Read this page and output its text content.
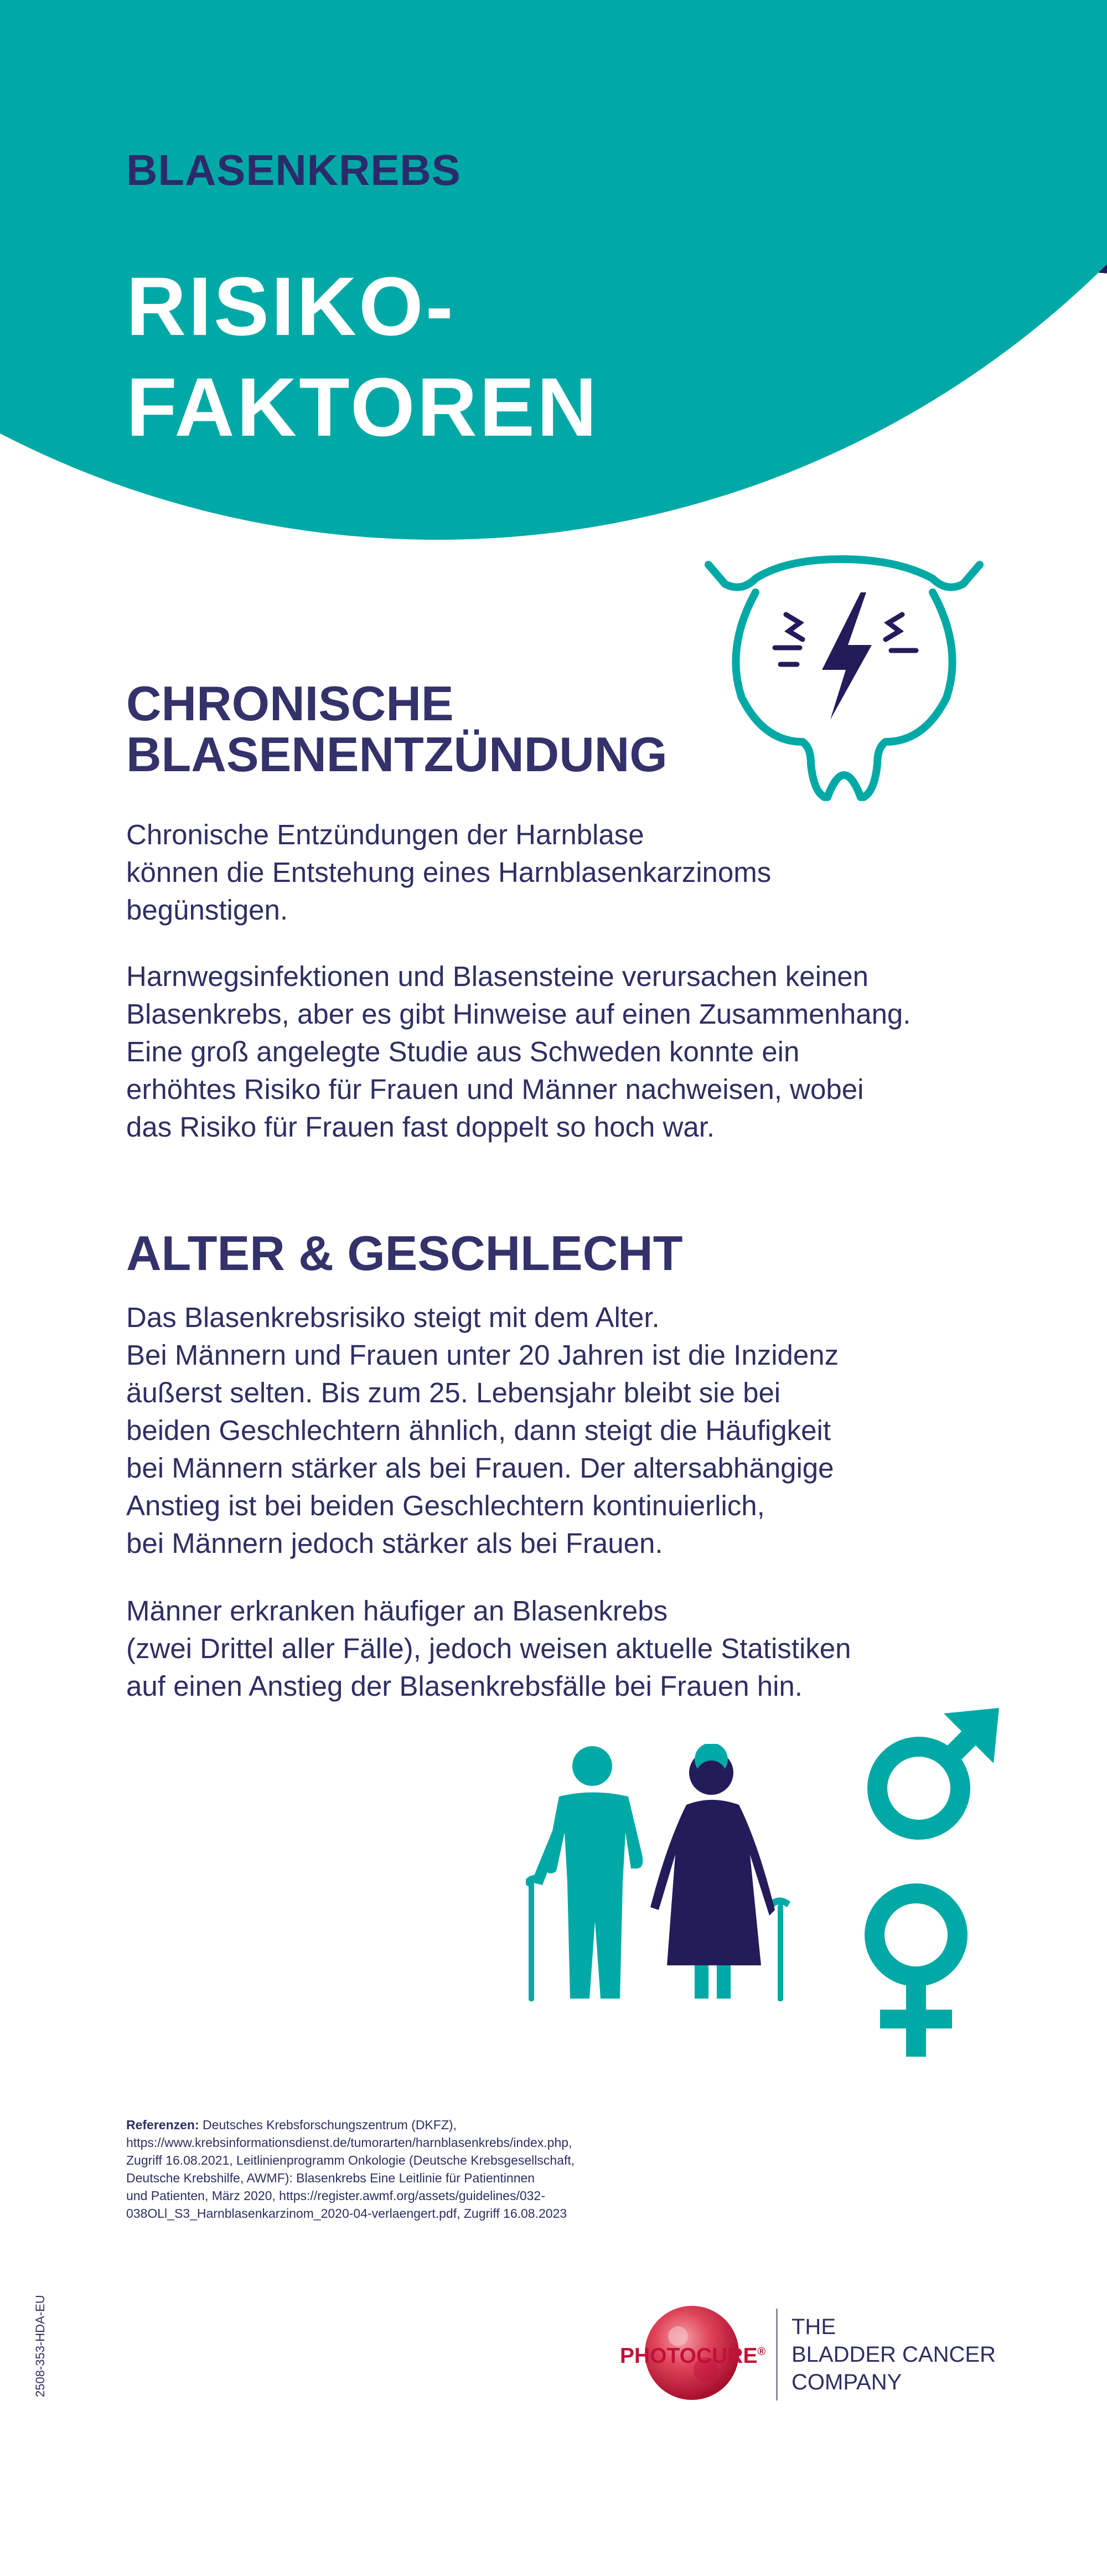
BLASENKREBS
RISIKO-
FAKTOREN
CHRONISCHE
BLASENENTZÜNDUNG

Chronische Entzündungen der Harnblase
können die Entstehung eines Harnblasenkarzinoms
begünstigen.

Harnwegsinfektionen und Blasensteine verursachen keinen
Blasenkrebs, aber es gibt Hinweise auf einen Zusammenhang.
Eine groß angelegte Studie aus Schweden konnte ein
erhöhtes Risiko für Frauen und Männer nachweisen, wobei
das Risiko für Frauen fast doppelt so hoch war.

ALTER & GESCHLECHT

Das Blasenkrebsrisiko steigt mit dem Alter.
Bei Männern und Frauen unter 20 Jahren ist die Inzidenz
äußerst selten. Bis zum 25. Lebensjahr bleibt sie bei
beiden Geschlechtern ähnlich, dann steigt die Häufigkeit
bei Männern stärker als bei Frauen. Der altersabhängige
Anstieg ist bei beiden Geschlechtern kontinuierlich,
bei Männern jedoch stärker als bei Frauen.

Männer erkranken häufiger an Blasenkrebs
(zwei Drittel aller Fälle), jedoch weisen aktuelle Statistiken
auf einen Anstieg der Blasenkrebsfälle bei Frauen hin.

Referenzen: Deutsches Krebsforschungszentrum (DKFZ),
https://www.krebsinformationsdienst.de/tumorarten/harnblasenkrebs/index.php,
Zugriff 16.08.2021, Leitlinienprogramm Onkologie (Deutsche Krebsgesellschaft,
Deutsche Krebshilfe, AWMF): Blasenkrebs Eine Leitlinie für Patientinnen
und Patienten, März 2020, https://register.awmf.org/assets/guidelines/032-
038OLl_S3_Harnblasenkarzinom_2020-04-verlaengert.pdf, Zugriff 16.08.2023

2508-353-HDA-EU	PHOTOCURE®
THE
BLADDER CANCER
COMPANY
